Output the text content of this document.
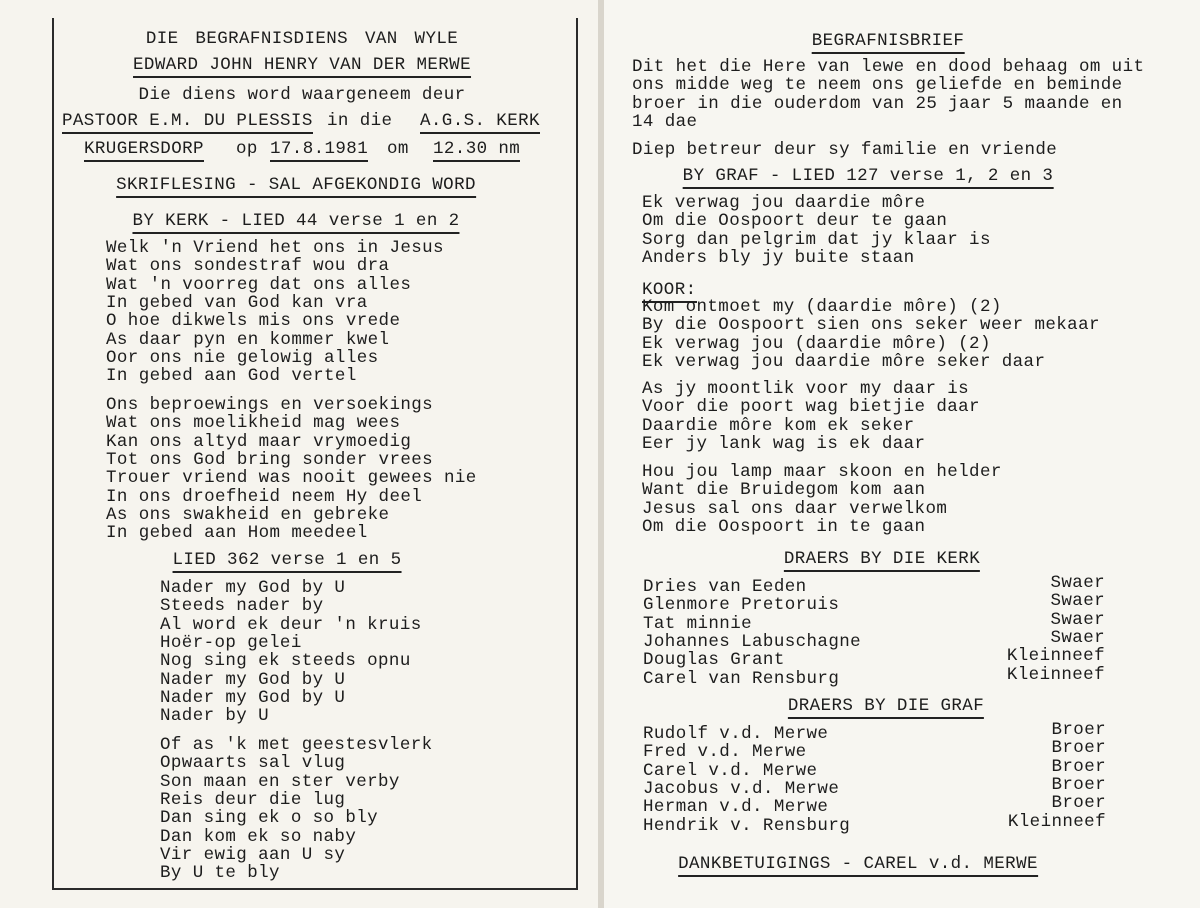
DIE BEGRAFNISDIENS VAN WYLE
EDWARD JOHN HENRY VAN DER MERWE
Die diens word waargeneem deur
PASTOOR E.M. DU PLESSIS in die A.G.S. KERK
KRUGERSDORP op 17.8.1981 om 12.30 nm
SKRIFLESING - SAL AFGEKONDIG WORD
BY KERK - LIED 44 verse 1 en 2
Welk 'n Vriend het ons in Jesus
Wat ons sondestraf wou dra
Wat 'n voorreg dat ons alles
In gebed van God kan vra
O hoe dikwels mis ons vrede
As daar pyn en kommer kwel
Oor ons nie gelowig alles
In gebed aan God vertel
Ons beproewings en versoekings
Wat ons moelikheid mag wees
Kan ons altyd maar vrymoedig
Tot ons God bring sonder vrees
Trouer vriend was nooit gewees nie
In ons droefheid neem Hy deel
As ons swakheid en gebreke
In gebed aan Hom meedeel
LIED 362 verse 1 en 5
Nader my God by U
Steeds nader by
Al word ek deur 'n kruis
Hoër-op gelei
Nog sing ek steeds opnu
Nader my God by U
Nader my God by U
Nader by U
Of as 'k met geestesvlerk
Opwaarts sal vlug
Son maan en ster verby
Reis deur die lug
Dan sing ek o so bly
Dan kom ek so naby
Vir ewig aan U sy
By U te bly
BEGRAFNISBRIEF
Dit het die Here van lewe en dood behaag om uit
ons midde weg te neem ons geliefde en beminde
broer in die ouderdom van 25 jaar 5 maande en
14 dae
Diep betreur deur sy familie en vriende
BY GRAF - LIED 127 verse 1, 2 en 3
Ek verwag jou daardie môre
Om die Oospoort deur te gaan
Sorg dan pelgrim dat jy klaar is
Anders bly jy buite staan
KOOR:
Kom ontmoet my (daardie môre) (2)
By die Oospoort sien ons seker weer mekaar
Ek verwag jou (daardie môre) (2)
Ek verwag jou daardie môre seker daar
As jy moontlik voor my daar is
Voor die poort wag bietjie daar
Daardie môre kom ek seker
Eer jy lank wag is ek daar
Hou jou lamp maar skoon en helder
Want die Bruidegom kom aan
Jesus sal ons daar verwelkom
Om die Oospoort in te gaan
DRAERS BY DIE KERK
Dries van Eeden	Swaer
Glenmore Pretoruis	Swaer
Tat minnie	Swaer
Johannes Labuschagne	Swaer
Douglas Grant	Kleinneef
Carel van Rensburg	Kleinneef
DRAERS BY DIE GRAF
Rudolf v.d. Merwe	Broer
Fred v.d. Merwe	Broer
Carel v.d. Merwe	Broer
Jacobus v.d. Merwe	Broer
Herman v.d. Merwe	Broer
Hendrik v. Rensburg	Kleinneef
DANKBETUIGINGS - CAREL v.d. MERWE
